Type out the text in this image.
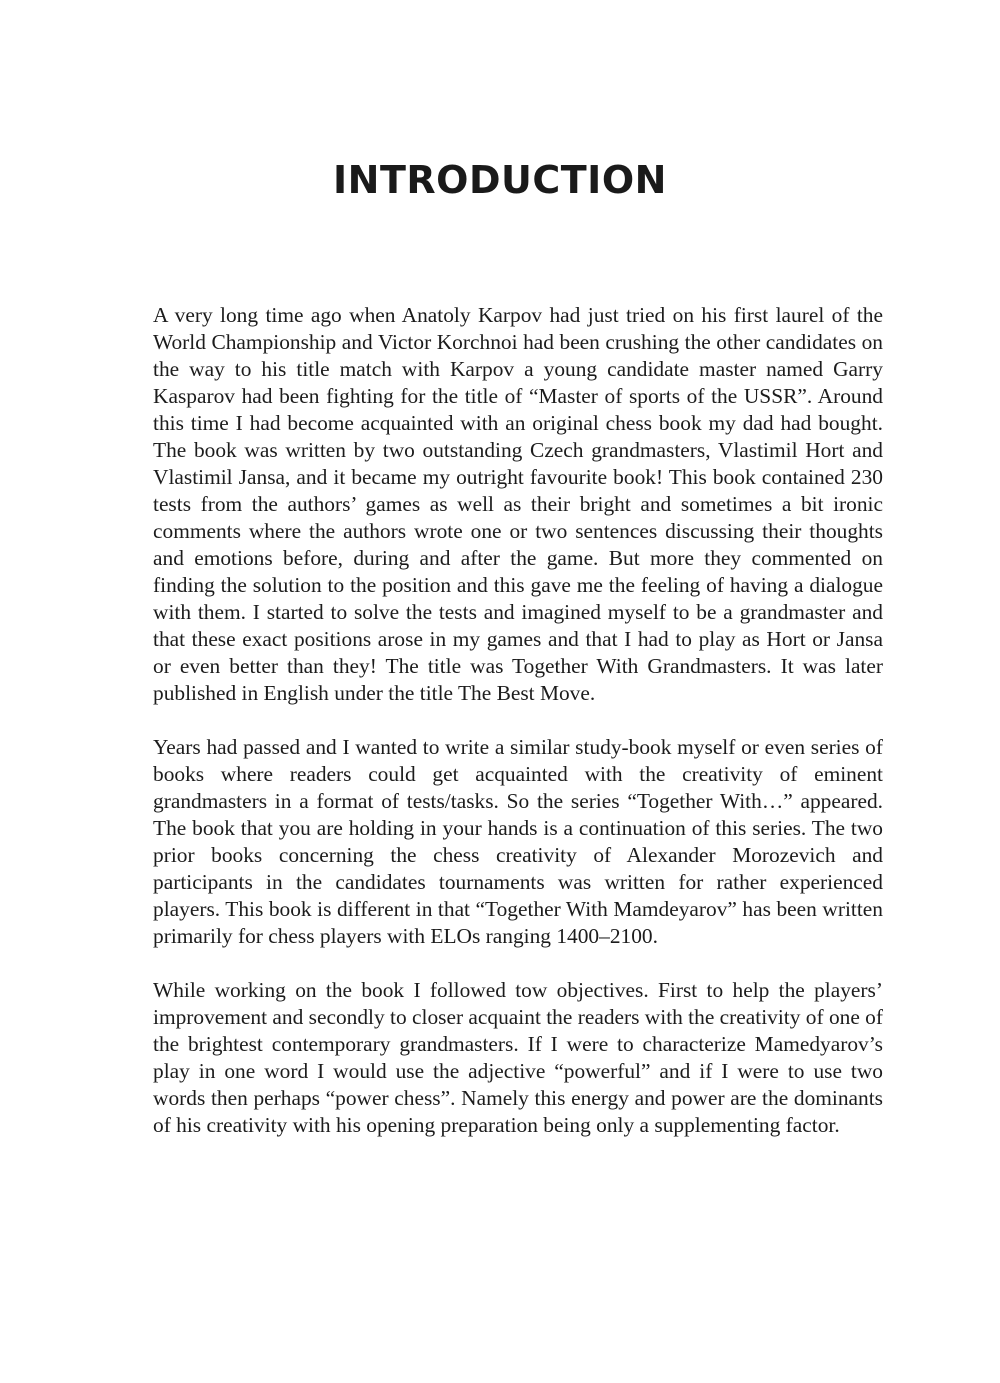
INTRODUCTION

A very long time ago when Anatoly Karpov had just tried on his first laurel of the World Championship and Victor Korchnoi had been crushing the other candidates on the way to his title match with Karpov a young candidate master named Garry Kasparov had been fighting for the title of “Master of sports of the USSR”. Around this time I had become acquainted with an original chess book my dad had bought. The book was written by two outstanding Czech grandmasters, Vlastimil Hort and Vlastimil Jansa, and it became my outright favourite book! This book contained 230 tests from the authors’ games as well as their bright and sometimes a bit ironic comments where the authors wrote one or two sentences discussing their thoughts and emotions before, during and after the game. But more they commented on finding the solution to the position and this gave me the feeling of having a dialogue with them. I started to solve the tests and imagined myself to be a grandmaster and that these exact positions arose in my games and that I had to play as Hort or Jansa or even better than they! The title was Together With Grandmasters. It was later published in English under the title The Best Move.

Years had passed and I wanted to write a similar study-book myself or even series of books where readers could get acquainted with the creativity of eminent grandmasters in a format of tests/tasks. So the series “Together With…” appeared. The book that you are holding in your hands is a continuation of this series. The two prior books concerning the chess creativity of Alexander Morozevich and participants in the candidates tournaments was written for rather experienced players. This book is different in that “Together With Mamdeyarov” has been written primarily for chess players with ELOs ranging 1400–2100.

While working on the book I followed tow objectives. First to help the players’ improvement and secondly to closer acquaint the readers with the creativity of one of the brightest contemporary grandmasters. If I were to characterize Mamedyarov’s play in one word I would use the adjective “powerful” and if I were to use two words then perhaps “power chess”. Namely this energy and power are the dominants of his creativity with his opening preparation being only a supplementing factor.
